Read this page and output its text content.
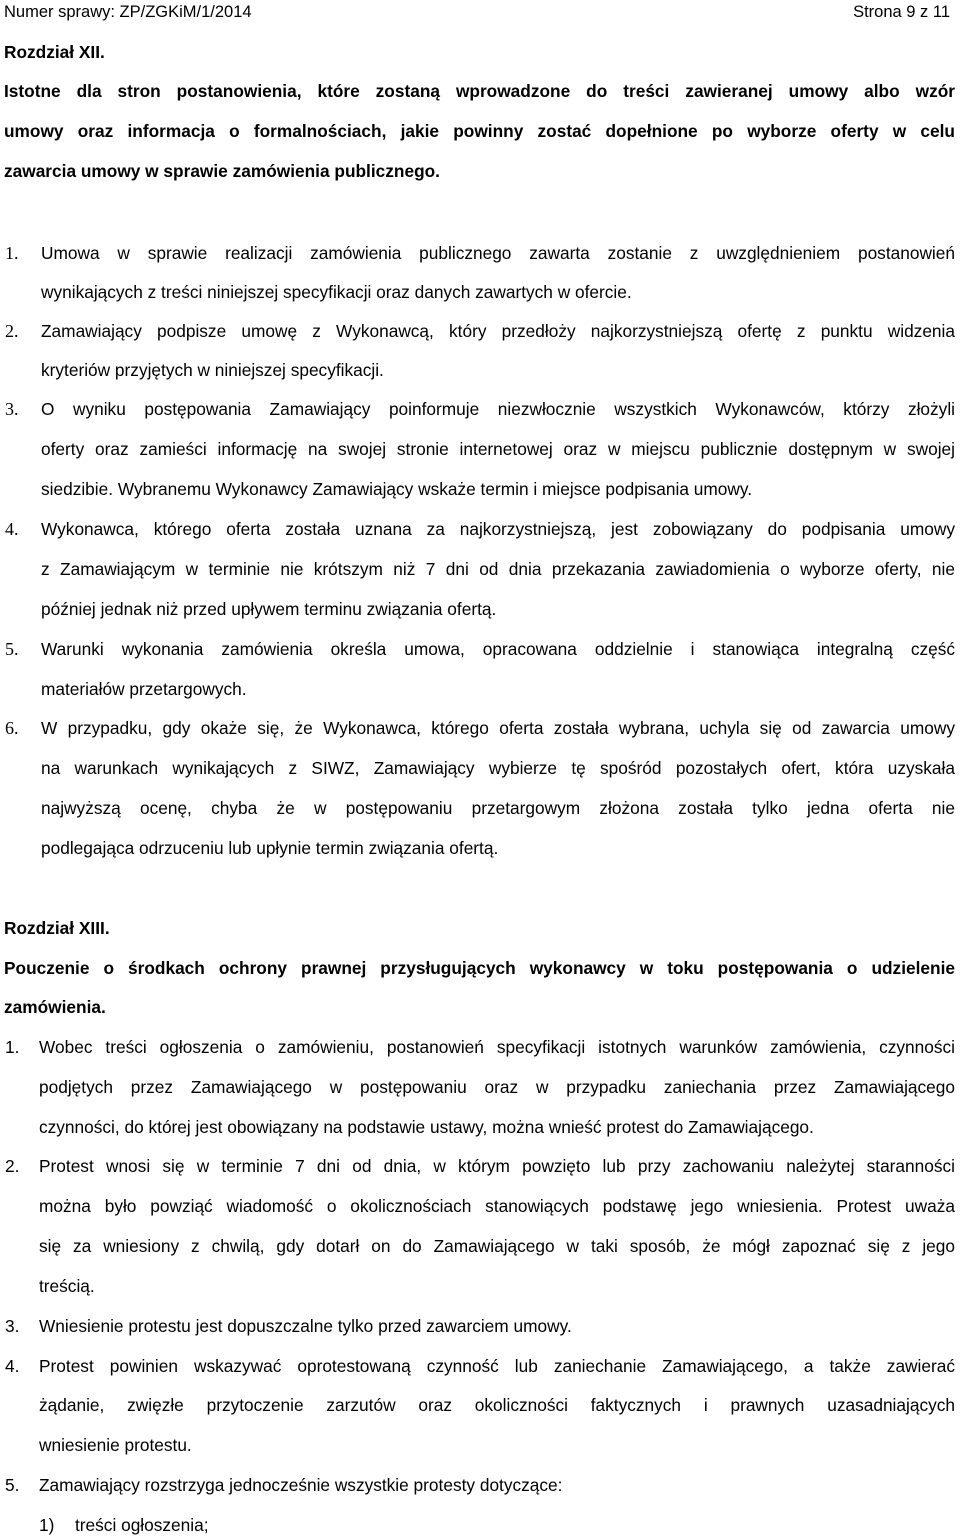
Numer sprawy: ZP/ZGKiM/1/2014	Strona 9 z 11
Rozdział XII.
Istotne dla stron postanowienia, które zostaną wprowadzone do treści zawieranej umowy albo wzór
umowy oraz informacja o formalnościach, jakie powinny zostać dopełnione po wyborze oferty w celu
zawarcia umowy w sprawie zamówienia publicznego.
1. Umowa w sprawie realizacji zamówienia publicznego zawarta zostanie z uwzględnieniem postanowień
wynikających z treści niniejszej specyfikacji oraz danych zawartych w ofercie.
2. Zamawiający podpisze umowę z Wykonawcą, który przedłoży najkorzystniejszą ofertę z punktu widzenia
kryteriów przyjętych w niniejszej specyfikacji.
3. O wyniku postępowania Zamawiający poinformuje niezwłocznie wszystkich Wykonawców, którzy złożyli
oferty oraz zamieści informację na swojej stronie internetowej oraz w miejscu publicznie dostępnym w swojej
siedzibie. Wybranemu Wykonawcy Zamawiający wskaże termin i miejsce podpisania umowy.
4. Wykonawca, którego oferta została uznana za najkorzystniejszą, jest zobowiązany do podpisania umowy
z Zamawiającym w terminie nie krótszym niż 7 dni od dnia przekazania zawiadomienia o wyborze oferty, nie
później jednak niż przed upływem terminu związania ofertą.
5. Warunki wykonania zamówienia określa umowa, opracowana oddzielnie i stanowiąca integralną część
materiałów przetargowych.
6. W przypadku, gdy okaże się, że Wykonawca, którego oferta została wybrana, uchyla się od zawarcia umowy
na warunkach wynikających z SIWZ, Zamawiający wybierze tę spośród pozostałych ofert, która uzyskała
najwyższą ocenę, chyba że w postępowaniu przetargowym złożona została tylko jedna oferta nie
podlegająca odrzuceniu lub upłynie termin związania ofertą.
Rozdział XIII.
Pouczenie o środkach ochrony prawnej przysługujących wykonawcy w toku postępowania o udzielenie
zamówienia.
1. Wobec treści ogłoszenia o zamówieniu, postanowień specyfikacji istotnych warunków zamówienia, czynności
podjętych przez Zamawiającego w postępowaniu oraz w przypadku zaniechania przez Zamawiającego
czynności, do której jest obowiązany na podstawie ustawy, można wnieść protest do Zamawiającego.
2. Protest wnosi się w terminie 7 dni od dnia, w którym powzięto lub przy zachowaniu należytej staranności
można było powziąć wiadomość o okolicznościach stanowiących podstawę jego wniesienia. Protest uważa
się za wniesiony z chwilą, gdy dotarł on do Zamawiającego w taki sposób, że mógł zapoznać się z jego
treścią.
3. Wniesienie protestu jest dopuszczalne tylko przed zawarciem umowy.
4. Protest powinien wskazywać oprotestowaną czynność lub zaniechanie Zamawiającego, a także zawierać
żądanie, zwięzłe przytoczenie zarzutów oraz okoliczności faktycznych i prawnych uzasadniających
wniesienie protestu.
5. Zamawiający rozstrzyga jednocześnie wszystkie protesty dotyczące:
1) treści ogłoszenia;
